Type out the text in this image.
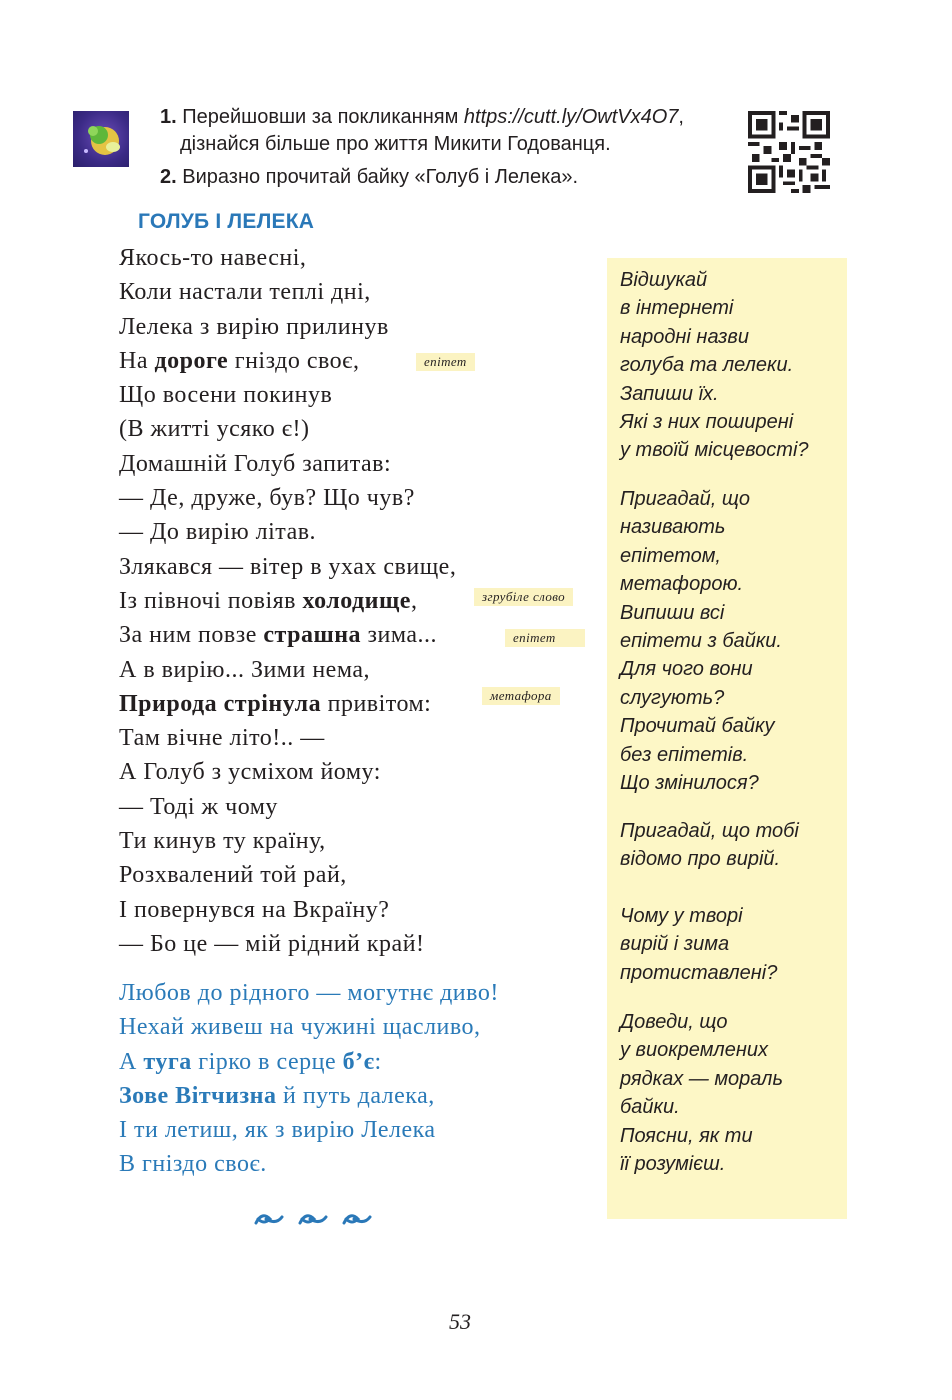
1. Перейшовши за покликанням https://cutt.ly/OwtVx4O7,
дізнайся більше про життя Микити Годованця.
2. Виразно прочитай байку «Голуб і Лелека».
ГОЛУБ І ЛЕЛЕКА
Якось-то навесні,
Коли настали теплі дні,
Лелека з вирію прилинув
На дороге гніздо своє,
Що восени покинув
(В житті усяко є!)
Домашній Голуб запитав:
— Де, друже, був? Що чув?
— До вирію літав.
Злякався — вітер в ухах свище,
Із півночі повіяв холодище,
За ним повзе страшна зима...
А в вирію... Зими нема,
Природа стрінула привітом:
Там вічне літо!.. —
А Голуб з усміхом йому:
— Тоді ж чому
Ти кинув ту країну,
Розхвалений той рай,
І повернувся на Вкраїну?
— Бо це — мій рідний край!
епітет
згрубіле слово
епітет
метафора
Любов до рідного — могутнє диво!
Нехай живеш на чужині щасливо,
А туга гірко в серце б’є:
Зове Вітчизна й путь далека,
І ти летиш, як з вирію Лелека
В гніздо своє.
Відшукай
в інтернеті
народні назви
голуба та лелеки.
Запиши їх.
Які з них поширені
у твоїй місцевості?
Пригадай, що
називають
епітетом,
метафорою.
Випиши всі
епітети з байки.
Для чого вони
слугують?
Прочитай байку
без епітетів.
Що змінилося?
Пригадай, що тобі
відомо про вирій.
Чому у творі
вирій і зима
протиставлені?
Доведи, що
у виокремлених
рядках — мораль
байки.
Поясни, як ти
її розумієш.
53
